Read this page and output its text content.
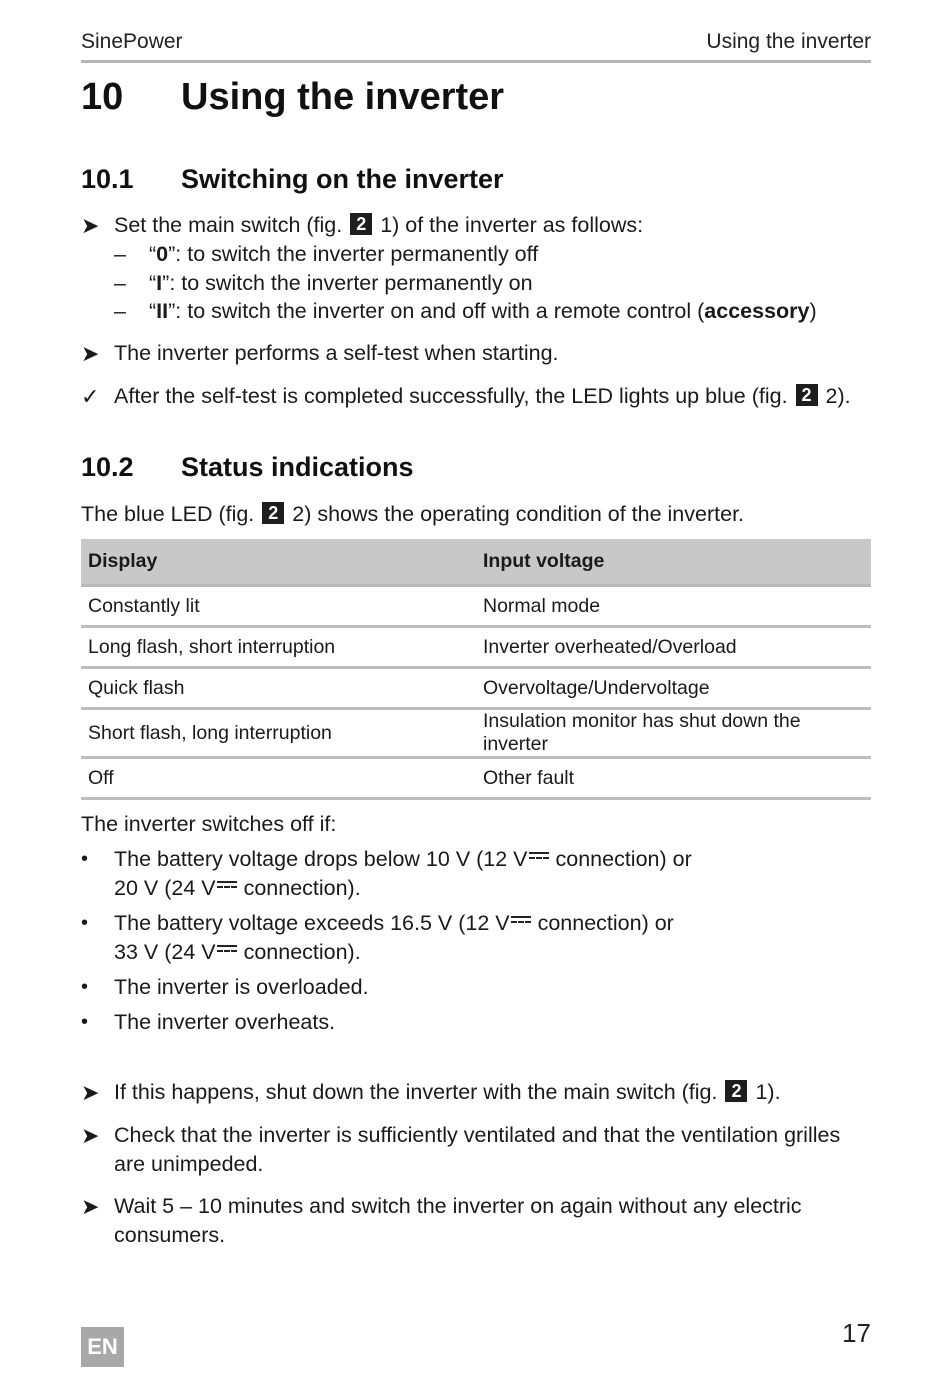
SinePower	Using the inverter
10 Using the inverter
10.1 Switching on the inverter
➤ Set the main switch (fig. 2 1) of the inverter as follows:
– “0”: to switch the inverter permanently off
– “I”: to switch the inverter permanently on
– “II”: to switch the inverter on and off with a remote control (accessory)
➤ The inverter performs a self-test when starting.
✓ After the self-test is completed successfully, the LED lights up blue (fig. 2 2).
10.2 Status indications
The blue LED (fig. 2 2) shows the operating condition of the inverter.
Display	Input voltage
Constantly lit	Normal mode
Long flash, short interruption	Inverter overheated/Overload
Quick flash	Overvoltage/Undervoltage
Short flash, long interruption	Insulation monitor has shut down the inverter
Off	Other fault
The inverter switches off if:
• The battery voltage drops below 10 V (12 V connection) or
20 V (24 V connection).
• The battery voltage exceeds 16.5 V (12 V connection) or
33 V (24 V connection).
• The inverter is overloaded.
• The inverter overheats.
➤ If this happens, shut down the inverter with the main switch (fig. 2 1).
➤ Check that the inverter is sufficiently ventilated and that the ventilation grilles are unimpeded.
➤ Wait 5 – 10 minutes and switch the inverter on again without any electric consumers.
17
EN
